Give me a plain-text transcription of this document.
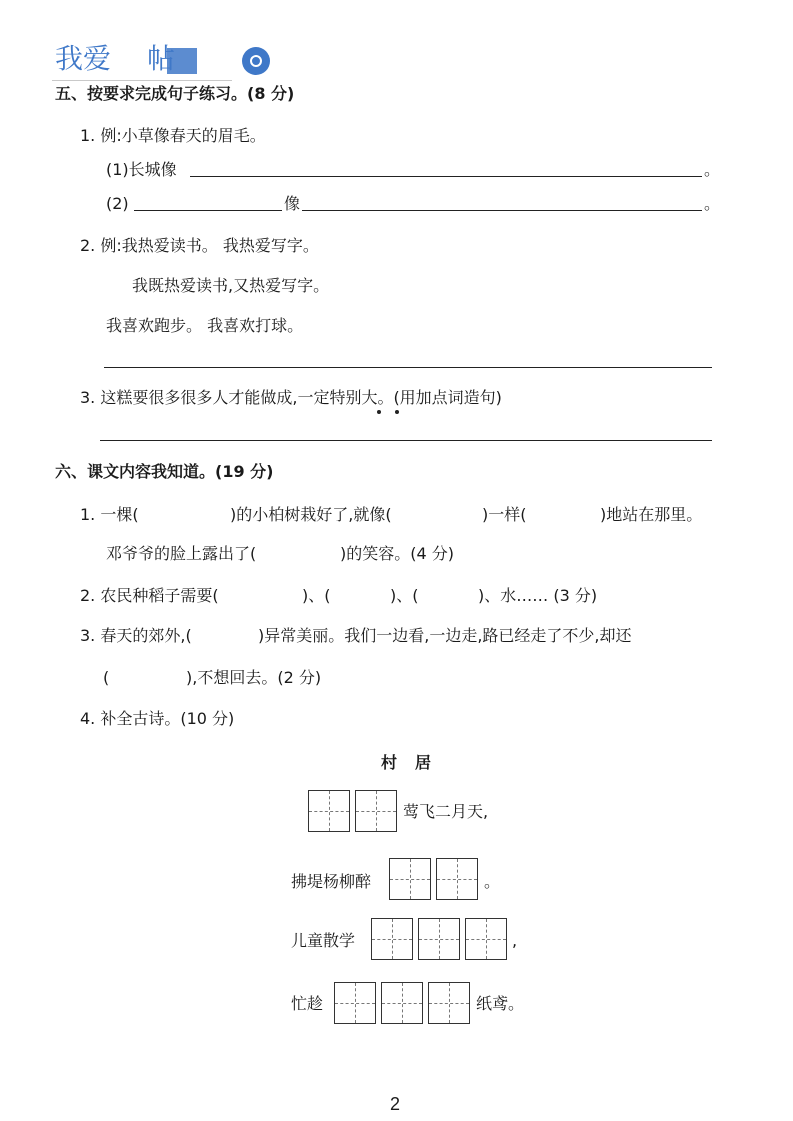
我爱 帖
五、按要求完成句子练习。(8 分)
1. 例:小草像春天的眉毛。
(1)长城像	。
(2)	像	。
2. 例:我热爱读书。 我热爱写字。
我既热爱读书,又热爱写字。
我喜欢跑步。 我喜欢打球。
3. 这糕要很多很多人才能做成,一定特别大。(用加点词造句)
六、课文内容我知道。(19 分)
1. 一棵(	)的小柏树栽好了,就像(	)一样(	)地站在那里。
邓爷爷的脸上露出了(	)的笑容。(4 分)
2. 农民种稻子需要(	)、(	)、(	)、水…… (3 分)
3. 春天的郊外,(	)异常美丽。我们一边看,一边走,路已经走了不少,却还
(	),不想回去。(2 分)
4. 补全古诗。(10 分)
村居
莺飞二月天,
拂堤杨柳醉	。
儿童散学	,
忙趁	纸鸢。
2
